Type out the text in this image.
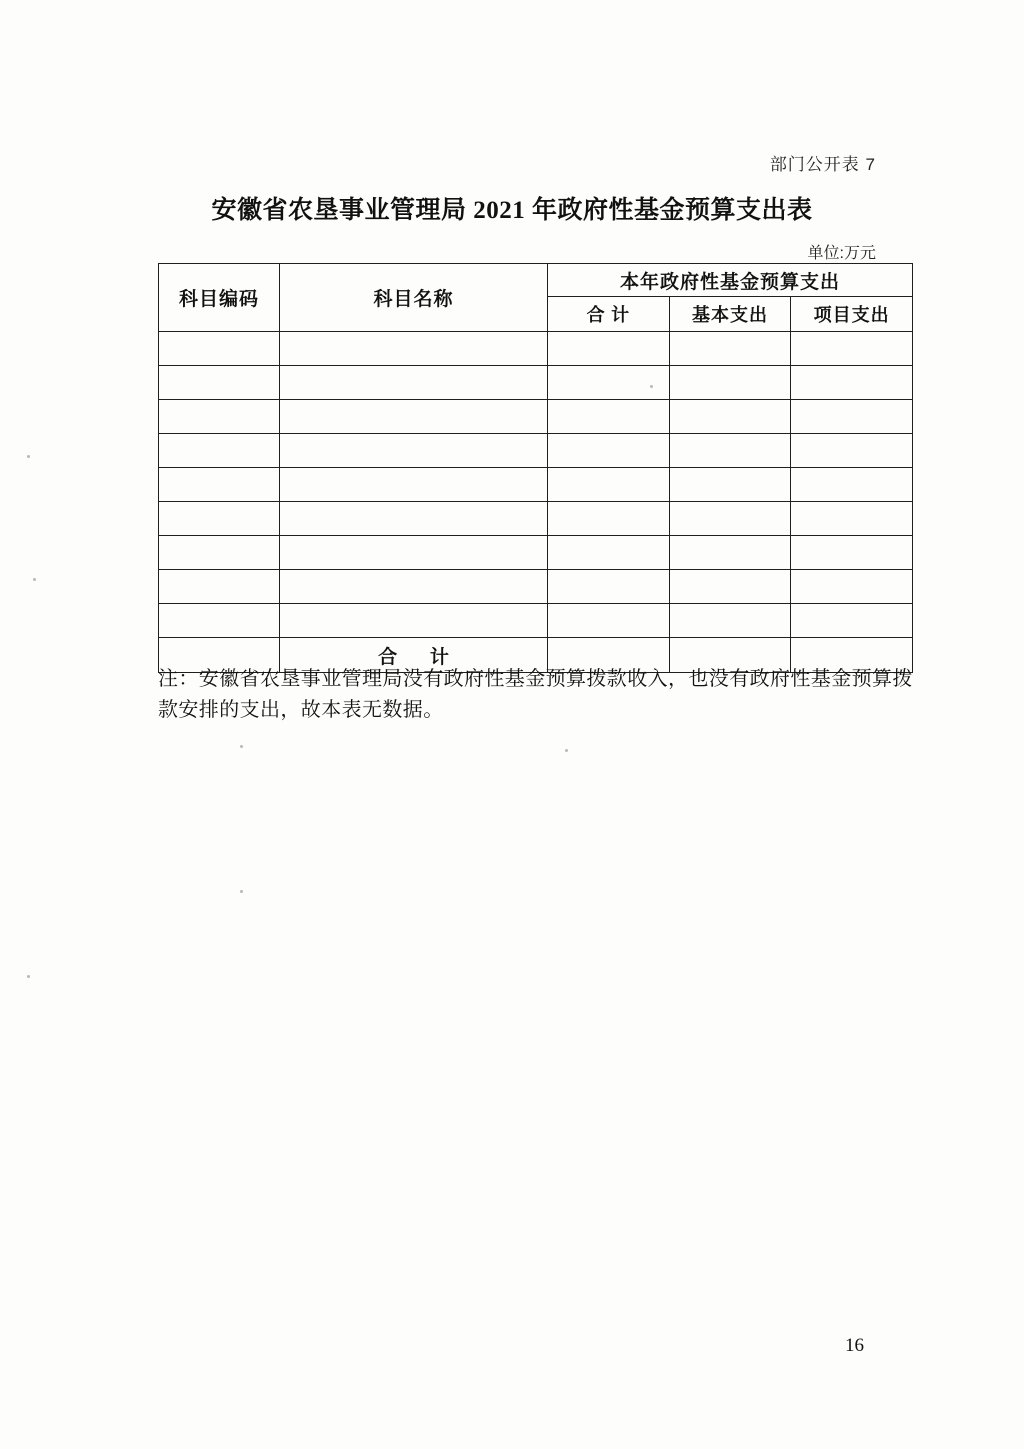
部门公开表 7
安徽省农垦事业管理局 2021 年政府性基金预算支出表
单位:万元
科目编码	科目名称	本年政府性基金预算支出		
		合 计	基本支出	项目支出

	合 计			
注：安徽省农垦事业管理局没有政府性基金预算拨款收入，也没有政府性基金预算拨款安排的支出，故本表无数据。
16
